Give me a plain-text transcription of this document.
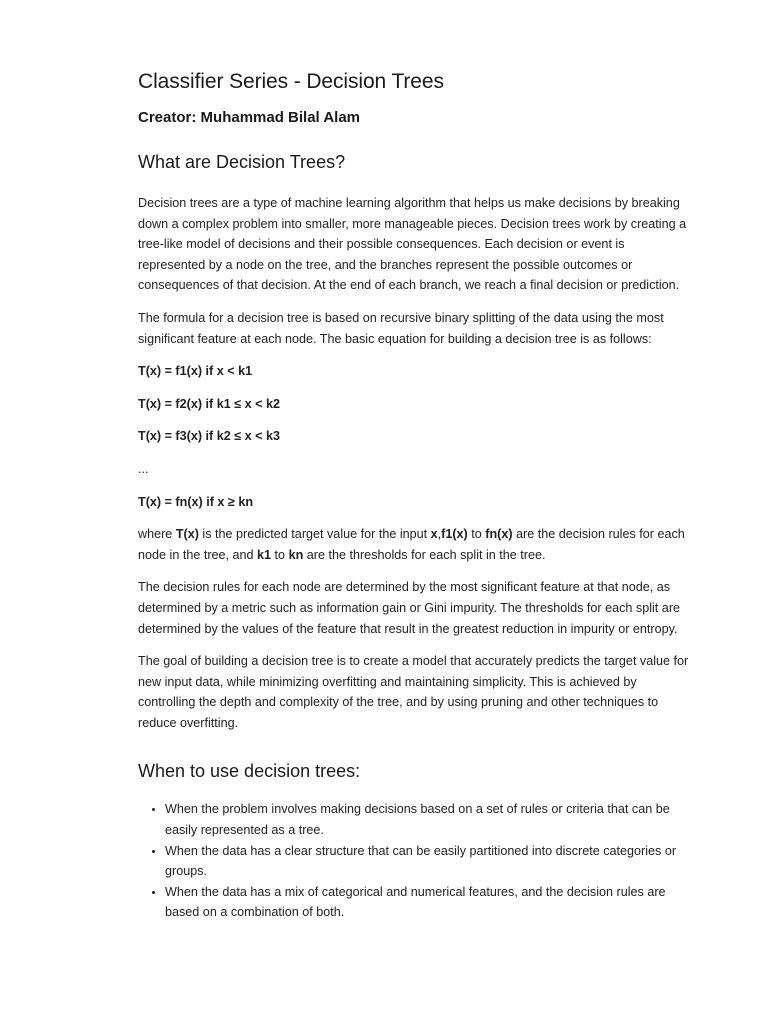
Classifier Series - Decision Trees

Creator: Muhammad Bilal Alam

What are Decision Trees?

Decision trees are a type of machine learning algorithm that helps us make decisions by breaking down a complex problem into smaller, more manageable pieces. Decision trees work by creating a tree-like model of decisions and their possible consequences. Each decision or event is represented by a node on the tree, and the branches represent the possible outcomes or consequences of that decision. At the end of each branch, we reach a final decision or prediction.

The formula for a decision tree is based on recursive binary splitting of the data using the most significant feature at each node. The basic equation for building a decision tree is as follows:

T(x) = f1(x) if x < k1

T(x) = f2(x) if k1 ≤ x < k2

T(x) = f3(x) if k2 ≤ x < k3

...

T(x) = fn(x) if x ≥ kn

where T(x) is the predicted target value for the input x,f1(x) to fn(x) are the decision rules for each node in the tree, and k1 to kn are the thresholds for each split in the tree.

The decision rules for each node are determined by the most significant feature at that node, as determined by a metric such as information gain or Gini impurity. The thresholds for each split are determined by the values of the feature that result in the greatest reduction in impurity or entropy.

The goal of building a decision tree is to create a model that accurately predicts the target value for new input data, while minimizing overfitting and maintaining simplicity. This is achieved by controlling the depth and complexity of the tree, and by using pruning and other techniques to reduce overfitting.

When to use decision trees:
• When the problem involves making decisions based on a set of rules or criteria that can be easily represented as a tree.
• When the data has a clear structure that can be easily partitioned into discrete categories or groups.
• When the data has a mix of categorical and numerical features, and the decision rules are based on a combination of both.
